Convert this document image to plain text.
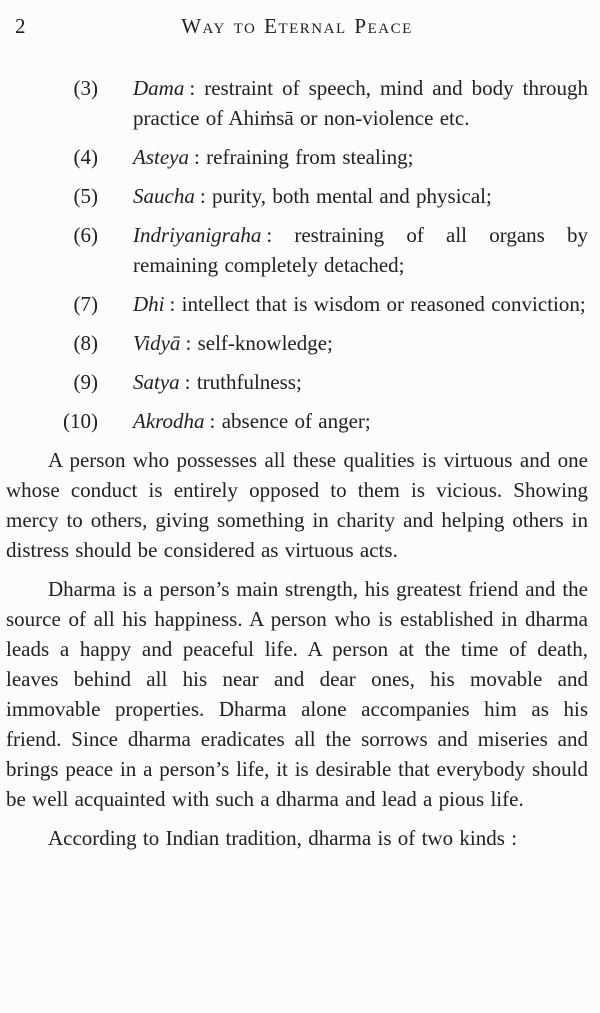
2	Way to Eternal Peace
(3) Dama : restraint of speech, mind and body through practice of Ahiṁsā or non-violence etc.
(4) Asteya : refraining from stealing;
(5) Saucha : purity, both mental and physical;
(6) Indriyanigraha : restraining of all organs by remaining completely detached;
(7) Dhi : intellect that is wisdom or reasoned conviction;
(8) Vidyā : self-knowledge;
(9) Satya : truthfulness;
(10) Akrodha : absence of anger;

A person who possesses all these qualities is virtuous and one whose conduct is entirely opposed to them is vicious. Showing mercy to others, giving something in charity and helping others in distress should be considered as virtuous acts.

Dharma is a person’s main strength, his greatest friend and the source of all his happiness. A person who is established in dharma leads a happy and peaceful life. A person at the time of death, leaves behind all his near and dear ones, his movable and immovable properties. Dharma alone accompanies him as his friend. Since dharma eradicates all the sorrows and miseries and brings peace in a person’s life, it is desirable that everybody should be well acquainted with such a dharma and lead a pious life.

According to Indian tradition, dharma is of two kinds :
